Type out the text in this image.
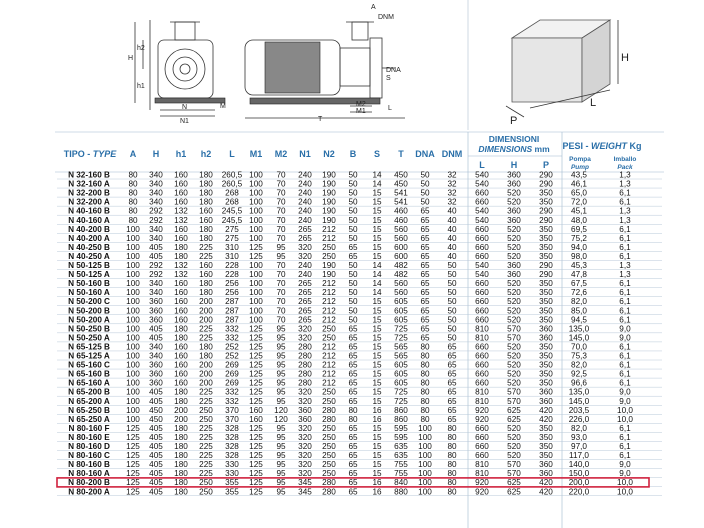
h2
H
h1
N
N1
M
A
DNM
DNA
S
M2
M1	L
T
H
P
L
TIPO - TYPE A H h1 h2 L M1 M2 N1 N2 B S T DNA DNM
DIMENSIONI
DIMENSIONS mm
L	H	P
PESI - WEIGHT Kg
Pompa
Pump
Imballo
Pack
N 32-160 B 80 340 160 180 260,5 100 70 240 190 50 14 450 50 32 540 360 290 43,5	1,3
N 32-160 A 80 340 160 180 260,5 100 70 240 190 50 14 450 50 32 540 360 290 46,1	1,3
N 32-200 B 80 340 160 180 268 100 70 240 190 50 15 541 50 32 660 520 350 65,0	6,1
N 32-200 A 80 340 160 180 268 100 70 240 190 50 15 541 50 32 660 520 350 72,0	6,1
N 40-160 B 80 292 132 160 245,5 100 70 240 190 50 15 460 65 40 540 360 290 45,1	1,3
N 40-160 A 80 292 132 160 245,5 100 70 240 190 50 15 460 65 40 540 360 290 48,0	1,3
N 40-200 B 100 340 160 180 275 100 70 265 212 50 15 560 65 40 660 520 350 69,5	6,1
N 40-200 A 100 340 160 180 275 100 70 265 212 50 15 560 65 40 660 520 350 75,2	6,1
N 40-250 B 100 405 180 225 310 125 95 320 250 65 15 600 65 40 660 520 350 94,0	6,1
N 40-250 A 100 405 180 225 310 125 95 320 250 65 15 600 65 40 660 520 350 98,0	6,1
N 50-125 B 100 292 132 160 228 100 70 240 190 50 14 482 65 50 540 360 290 45,3	1,3
N 50-125 A 100 292 132 160 228 100 70 240 190 50 14 482 65 50 540 360 290 47,8	1,3
N 50-160 B 100 340 160 180 256 100 70 265 212 50 14 560 65 50 660 520 350 67,5	6,1
N 50-160 A 100 340 160 180 256 100 70 265 212 50 14 560 65 50 660 520 350 72,6	6,1
N 50-200 C 100 360 160 200 287 100 70 265 212 50 15 605 65 50 660 520 350 82,0	6,1
N 50-200 B 100 360 160 200 287 100 70 265 212 50 15 605 65 50 660 520 350 85,0	6,1
N 50-200 A 100 360 160 200 287 100 70 265 212 50 15 605 65 50 660 520 350 94,5	6,1
N 50-250 B 100 405 180 225 332 125 95 320 250 65 15 725 65 50 810 570 360 135,0	9,0
N 50-250 A 100 405 180 225 332 125 95 320 250 65 15 725 65 50 810 570 360 145,0	9,0
N 65-125 B 100 340 160 180 252 125 95 280 212 65 15 565 80 65 660 520 350 70,0	6,1
N 65-125 A 100 340 160 180 252 125 95 280 212 65 15 565 80 65 660 520 350 75,3	6,1
N 65-160 C 100 360 160 200 269 125 95 280 212 65 15 605 80 65 660 520 350 82,0	6,1
N 65-160 B 100 360 160 200 269 125 95 280 212 65 15 605 80 65 660 520 350 92,5	6,1
N 65-160 A 100 360 160 200 269 125 95 280 212 65 15 605 80 65 660 520 350 96,6	6,1
N 65-200 B 100 405 180 225 332 125 95 320 250 65 15 725 80 65 810 570 360 135,0	9,0
N 65-200 A 100 405 180 225 332 125 95 320 250 65 15 725 80 65 810 570 360 145,0	9,0
N 65-250 B 100 450 200 250 370 160 120 360 280 80 16 860 80 65 920 625 420 203,5	10,0
N 65-250 A 100 450 200 250 370 160 120 360 280 80 16 860 80 65 920 625 420 226,0	10,0
N 80-160 F 125 405 180 225 328 125 95 320 250 65 15 595 100 80 660 520 350 82,0	6,1
N 80-160 E 125 405 180 225 328 125 95 320 250 65 15 595 100 80 660 520 350 93,0	6,1
N 80-160 D 125 405 180 225 328 125 95 320 250 65 15 635 100 80 660 520 350 97,0	6,1
N 80-160 C 125 405 180 225 328 125 95 320 250 65 15 635 100 80 660 520 350 117,0	6,1
N 80-160 B 125 405 180 225 330 125 95 320 250 65 15 755 100 80 810 570 360 140,0	9,0
N 80-160 A 125 405 180 225 330 125 95 320 250 65 15 755 100 80 810 570 360 150,0	9,0
N 80-200 B 125 405 180 250 355 125 95 345 280 65 16 840 100 80 920 625 420 200,0	10,0
N 80-200 A 125 405 180 250 355 125 95 345 280 65 16 880 100 80 920 625 420 220,0	10,0
